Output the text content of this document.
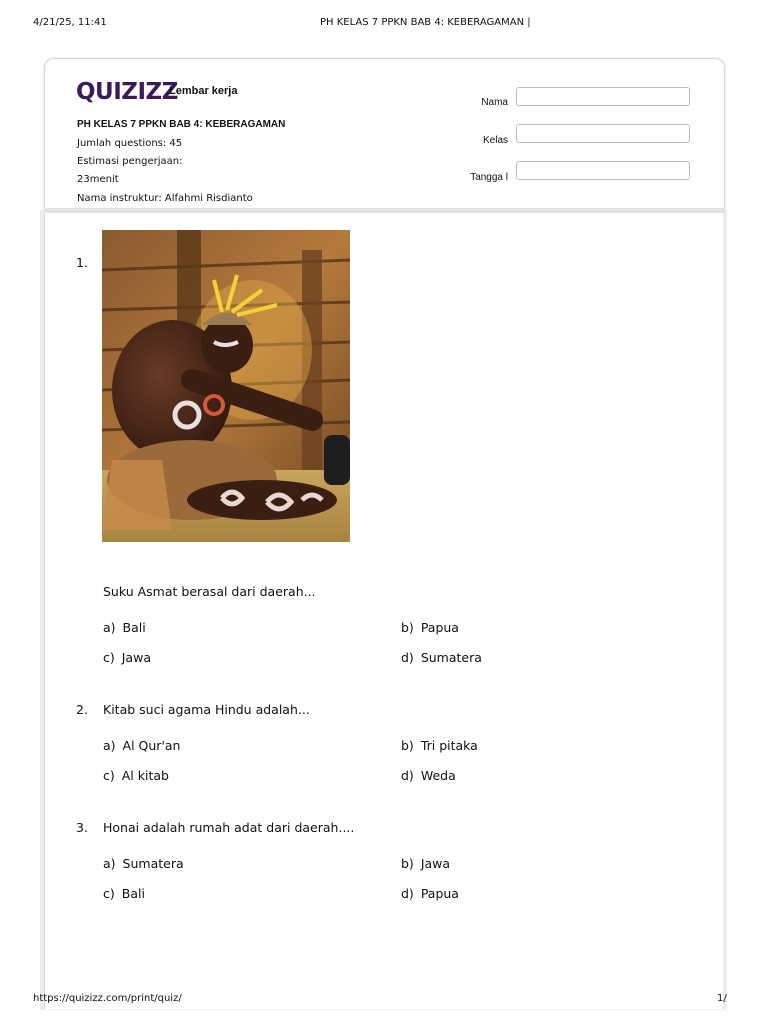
4/21/25, 11:41	PH KELAS 7 PPKN BAB 4: KEBERAGAMAN |
QUIZIZZ
Lembar kerja
PH KELAS 7 PPKN BAB 4: KEBERAGAMAN
Jumlah questions: 45
Estimasi pengerjaan:
23menit
Nama instruktur: Alfahmi Risdianto
Nama
Kelas
Tangga l
1.
Suku Asmat berasal dari daerah...
a) Bali	b) Papua
c) Jawa	d) Sumatera
2. Kitab suci agama Hindu adalah...
a) Al Qur'an	b) Tri pitaka
c) Al kitab	d) Weda
3. Honai adalah rumah adat dari daerah....
a) Sumatera	b) Jawa
c) Bali	d) Papua
https://quizizz.com/print/quiz/	1/
